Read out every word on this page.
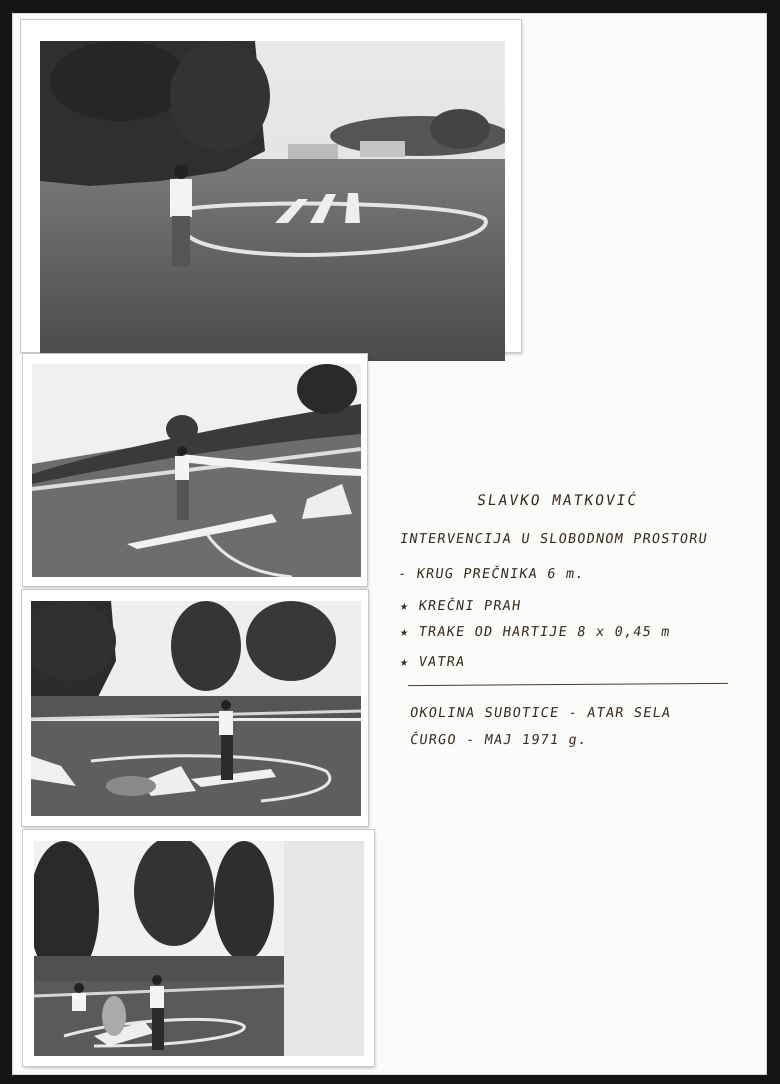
SLAVKO MATKOVIĆ

INTERVENCIJA U SLOBODNOM PROSTORU

- KRUG PREČNIKA 6 m.

★ KREČNI PRAH

★ TRAKE OD HARTIJE 8 x 0,45 m

★ VATRA

OKOLINA SUBOTICE - ATAR SELA

ČURGO - MAJ 1971 g.
